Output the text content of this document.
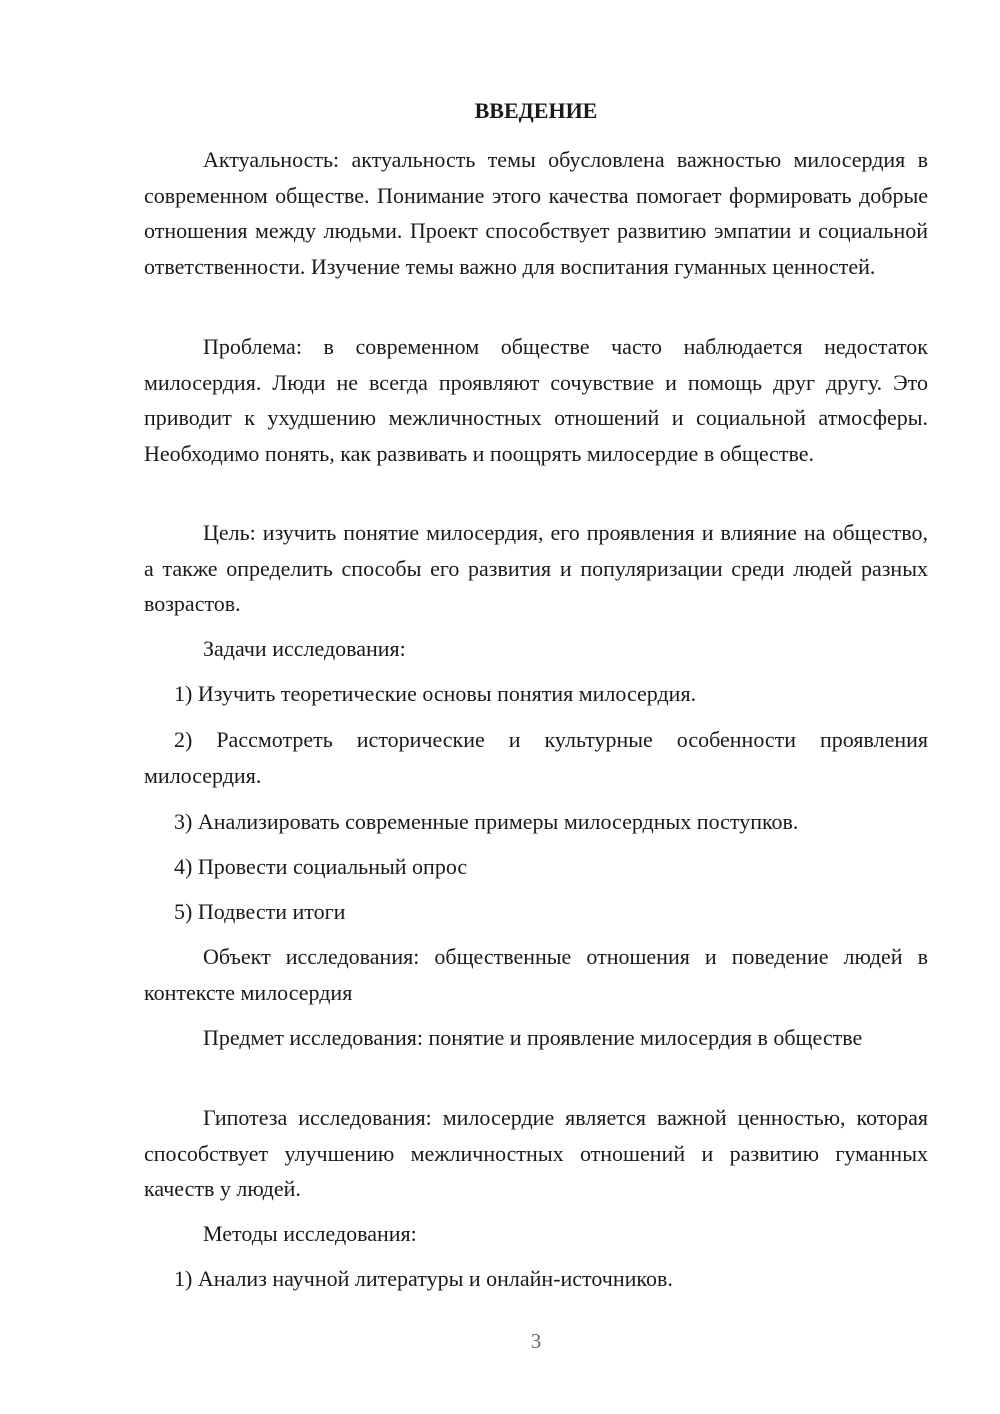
ВВЕДЕНИЕ

Актуальность: актуальность темы обусловлена важностью милосердия в современном обществе. Понимание этого качества помогает формировать добрые отношения между людьми. Проект способствует развитию эмпатии и социальной ответственности. Изучение темы важно для воспитания гуманных ценностей.

Проблема: в современном обществе часто наблюдается недостаток милосердия. Люди не всегда проявляют сочувствие и помощь друг другу. Это приводит к ухудшению межличностных отношений и социальной атмосферы. Необходимо понять, как развивать и поощрять милосердие в обществе.

Цель: изучить понятие милосердия, его проявления и влияние на общество, а также определить способы его развития и популяризации среди людей разных возрастов.

Задачи исследования:

1) Изучить теоретические основы понятия милосердия.

2) Рассмотреть исторические и культурные особенности проявления милосердия.

3) Анализировать современные примеры милосердных поступков.

4) Провести социальный опрос

5) Подвести итоги

Объект исследования: общественные отношения и поведение людей в контексте милосердия

Предмет исследования: понятие и проявление милосердия в обществе

Гипотеза исследования: милосердие является важной ценностью, которая способствует улучшению межличностных отношений и развитию гуманных качеств у людей.

Методы исследования:

1) Анализ научной литературы и онлайн-источников.

3
